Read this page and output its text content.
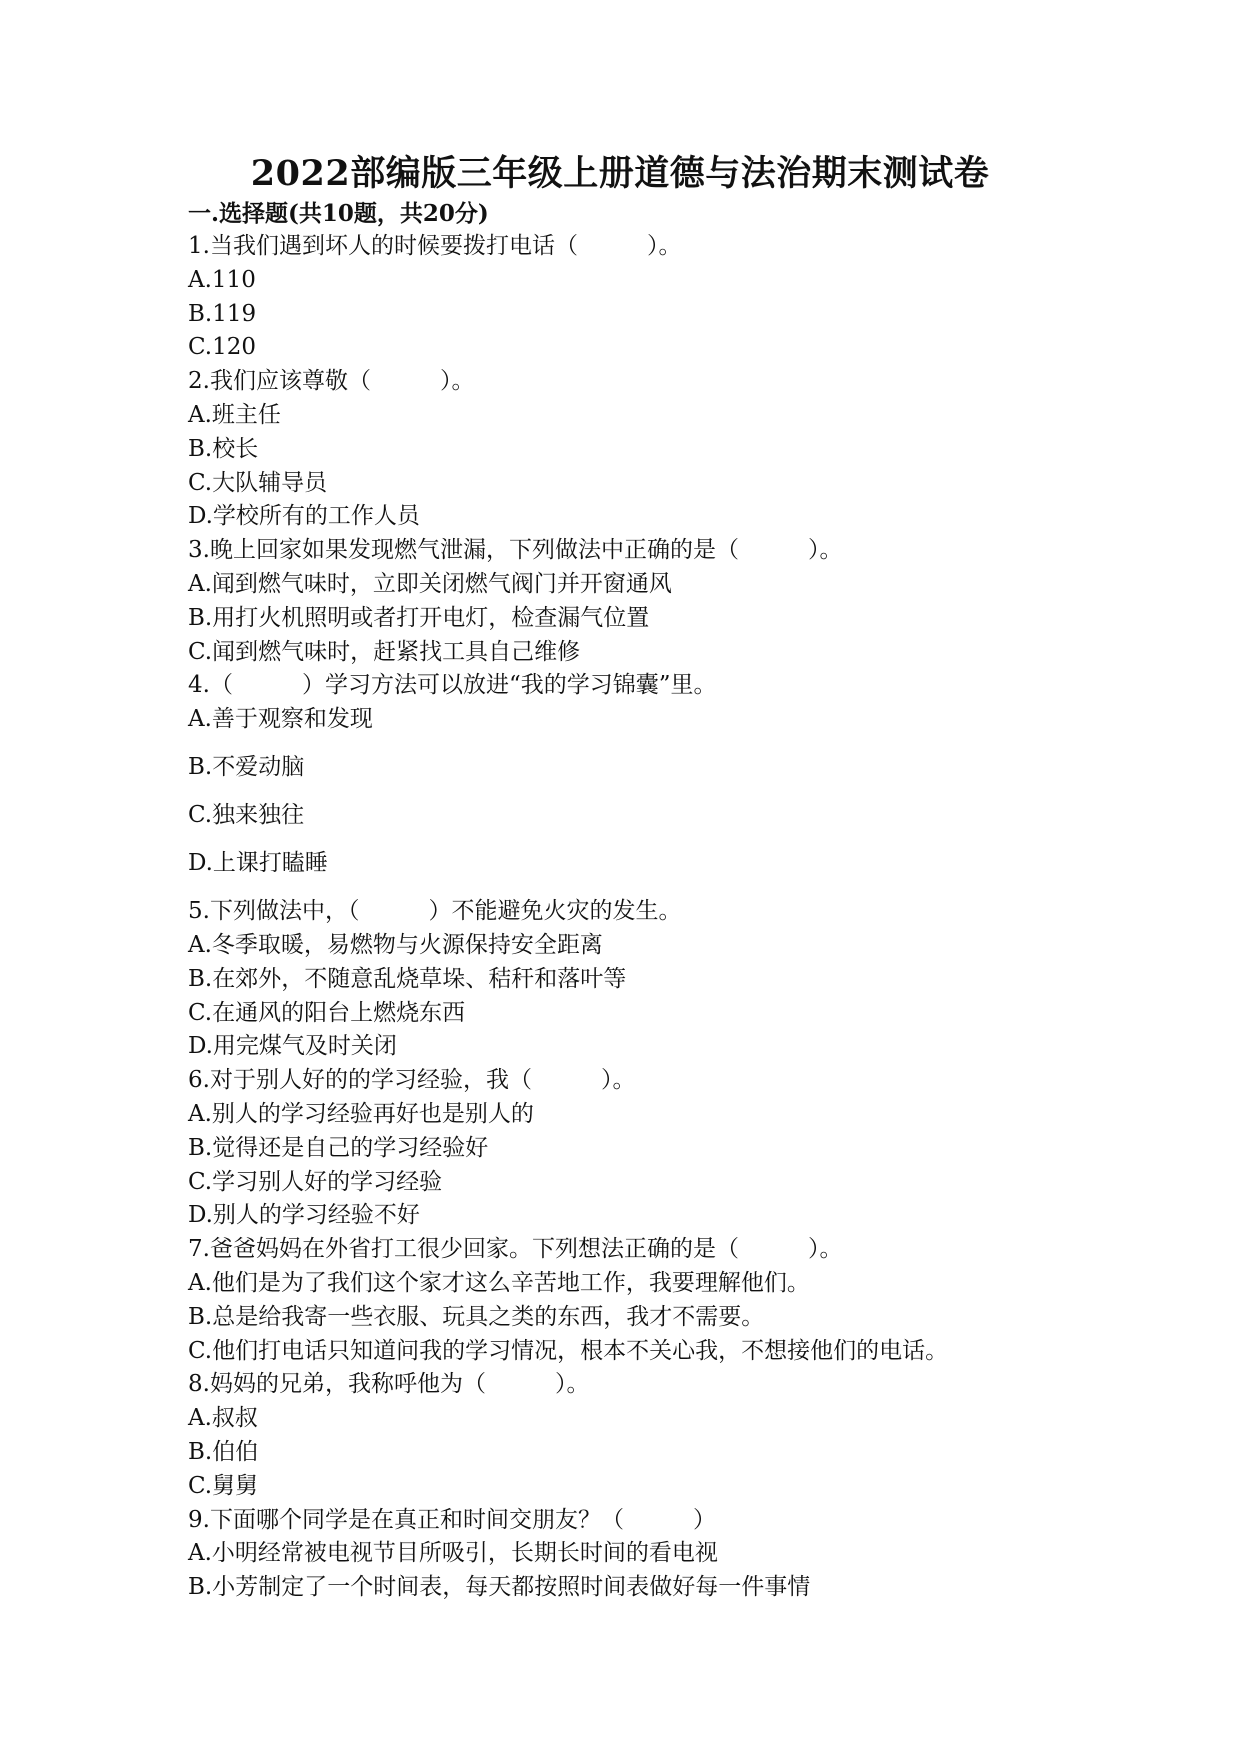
2022部编版三年级上册道德与法治期末测试卷
一.选择题(共10题，共20分)
1.当我们遇到坏人的时候要拨打电话（　　　）。
A.110
B.119
C.120
2.我们应该尊敬（　　　）。
A.班主任
B.校长
C.大队辅导员
D.学校所有的工作人员
3.晚上回家如果发现燃气泄漏，下列做法中正确的是（　　　）。
A.闻到燃气味时，立即关闭燃气阀门并开窗通风
B.用打火机照明或者打开电灯，检查漏气位置
C.闻到燃气味时，赶紧找工具自己维修
4.（　　　）学习方法可以放进“我的学习锦囊”里。
A.善于观察和发现
B.不爱动脑
C.独来独往
D.上课打瞌睡
5.下列做法中，（　　　）不能避免火灾的发生。
A.冬季取暖，易燃物与火源保持安全距离
B.在郊外，不随意乱烧草垛、秸秆和落叶等
C.在通风的阳台上燃烧东西
D.用完煤气及时关闭
6.对于别人好的的学习经验，我（　　　）。
A.别人的学习经验再好也是别人的
B.觉得还是自己的学习经验好
C.学习别人好的学习经验
D.别人的学习经验不好
7.爸爸妈妈在外省打工很少回家。下列想法正确的是（　　　）。
A.他们是为了我们这个家才这么辛苦地工作，我要理解他们。
B.总是给我寄一些衣服、玩具之类的东西，我才不需要。
C.他们打电话只知道问我的学习情况，根本不关心我，不想接他们的电话。
8.妈妈的兄弟，我称呼他为（　　　）。
A.叔叔
B.伯伯
C.舅舅
9.下面哪个同学是在真正和时间交朋友？（　　　）
A.小明经常被电视节目所吸引，长期长时间的看电视
B.小芳制定了一个时间表，每天都按照时间表做好每一件事情
